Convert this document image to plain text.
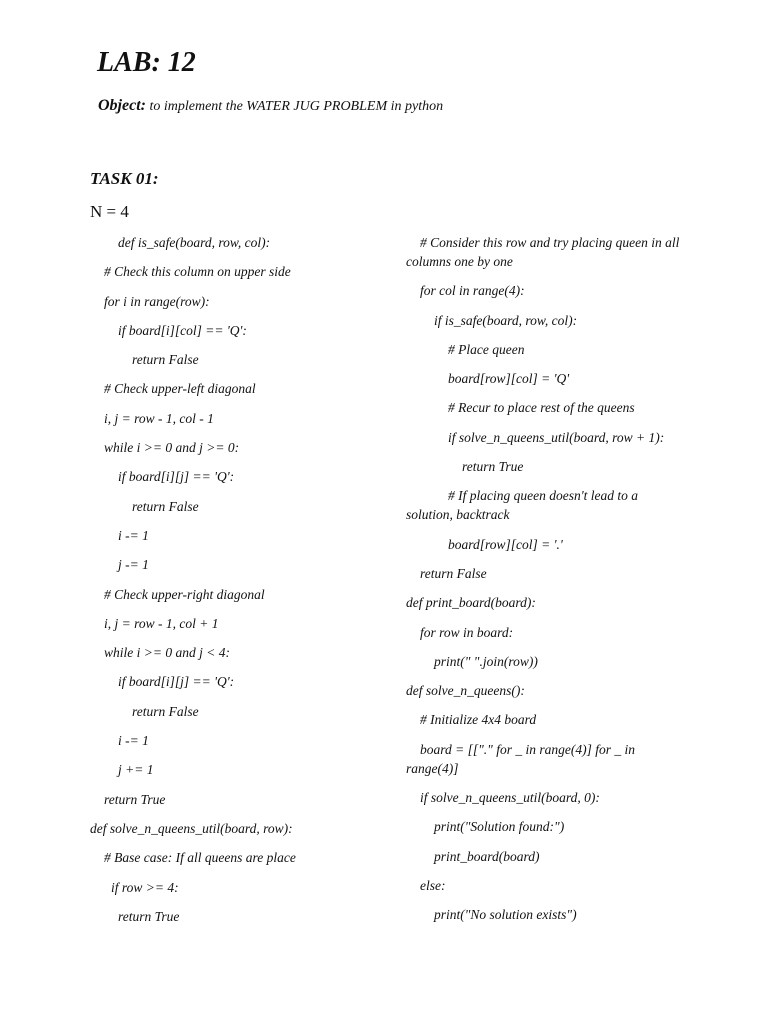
LAB: 12

Object: to implement the WATER JUG PROBLEM in python

TASK 01:

N = 4

def is_safe(board, row, col):

# Check this column on upper side

for i in range(row):

if board[i][col] == 'Q':

return False

# Check upper-left diagonal

i, j = row - 1, col - 1

while i >= 0 and j >= 0:

if board[i][j] == 'Q':

return False

i -= 1

j -= 1

# Check upper-right diagonal

i, j = row - 1, col + 1

while i >= 0 and j < 4:

if board[i][j] == 'Q':

return False

i -= 1

j += 1

return True

def solve_n_queens_util(board, row):

# Base case: If all queens are place

if row >= 4:

return True

# Consider this row and try placing queen in all columns one by one

for col in range(4):

if is_safe(board, row, col):

# Place queen

board[row][col] = 'Q'

# Recur to place rest of the queens

if solve_n_queens_util(board, row + 1):

return True

# If placing queen doesn't lead to a solution, backtrack

board[row][col] = '.'

return False

def print_board(board):

for row in board:

print(" ".join(row))

def solve_n_queens():

# Initialize 4x4 board

board = [["." for _ in range(4)] for _ in range(4)]

if solve_n_queens_util(board, 0):

print("Solution found:")

print_board(board)

else:

print("No solution exists")
